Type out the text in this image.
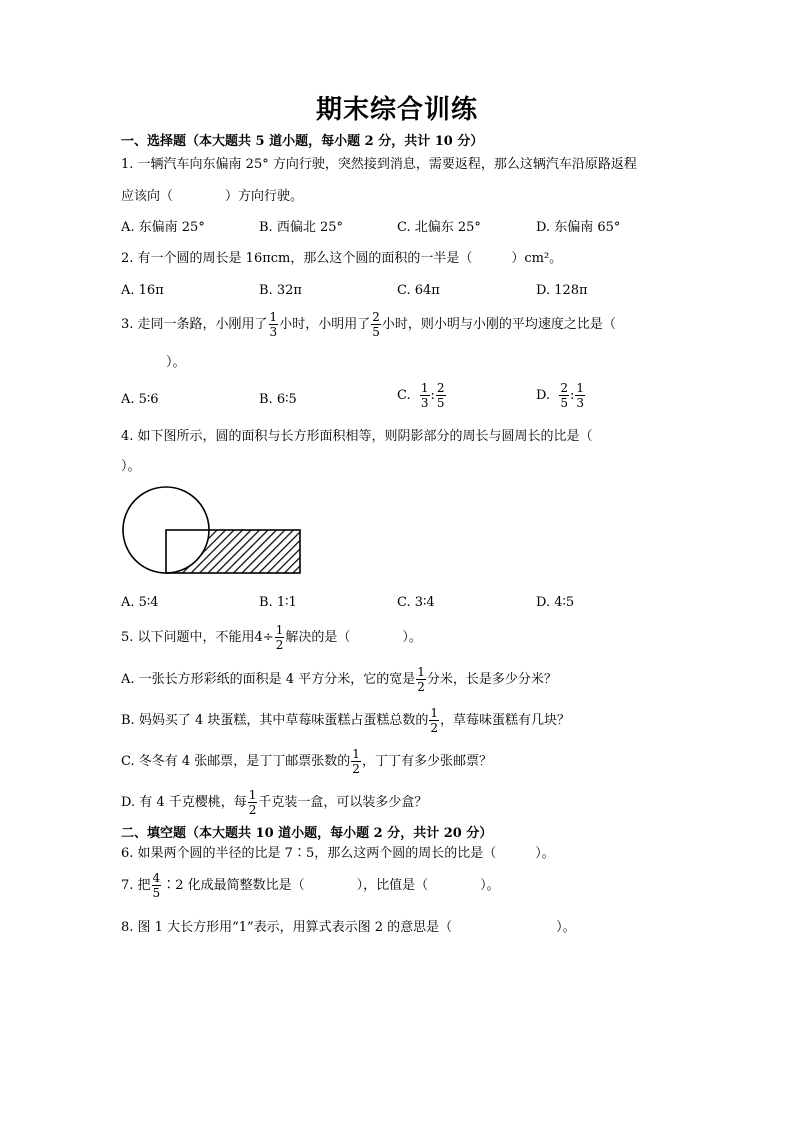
期末综合训练
一、选择题（本大题共 5 道小题，每小题 2 分，共计 10 分）
1. 一辆汽车向东偏南 25° 方向行驶，突然接到消息，需要返程，那么这辆汽车沿原路返程
应该向（　　　　）方向行驶。
A. 东偏南 25°	B. 西偏北 25°	C. 北偏东 25°	D. 东偏南 65°
2. 有一个圆的周长是 16πcm，那么这个圆的面积的一半是（　　　）cm²。
A. 16π	B. 32π	C. 64π	D. 128π
3. 走同一条路，小刚用了 $\frac{1}{3}$ 小时，小明用了 $\frac{2}{5}$ 小时，则小明与小刚的平均速度之比是（
　　）。
A. 5∶6	B. 6∶5	C. $\frac{1}{3}$ : $\frac{2}{5}$	D. $\frac{2}{5}$ : $\frac{1}{3}$
4. 如下图所示，圆的面积与长方形面积相等，则阴影部分的周长与圆周长的比是（
）。
A. 5∶4	B. 1∶1	C. 3∶4	D. 4∶5
5. 以下问题中，不能用$4\div \frac{1}{2}$ 解决的是（　　　　）。
A. 一张长方形彩纸的面积是 4 平方分米，它的宽是 $\frac{1}{2}$ 分米，长是多少分米？
B. 妈妈买了 4 块蛋糕，其中草莓味蛋糕占蛋糕总数的 $\frac{1}{2}$ ，草莓味蛋糕有几块？
C. 冬冬有 4 张邮票，是丁丁邮票张数的 $\frac{1}{2}$ ，丁丁有多少张邮票？
D. 有 4 千克樱桃，每 $\frac{1}{2}$ 千克装一盒，可以装多少盒？
二、填空题（本大题共 10 道小题，每小题 2 分，共计 20 分）
6. 如果两个圆的半径的比是 7∶5，那么这两个圆的周长的比是（　　　）。
7. 把 $\frac{4}{5}$ ∶2 化成最简整数比是（　　　　），比值是（　　　　）。
8. 图 1 大长方形用“1”表示，用算式表示图 2 的意思是（　　　　　　　　）。
